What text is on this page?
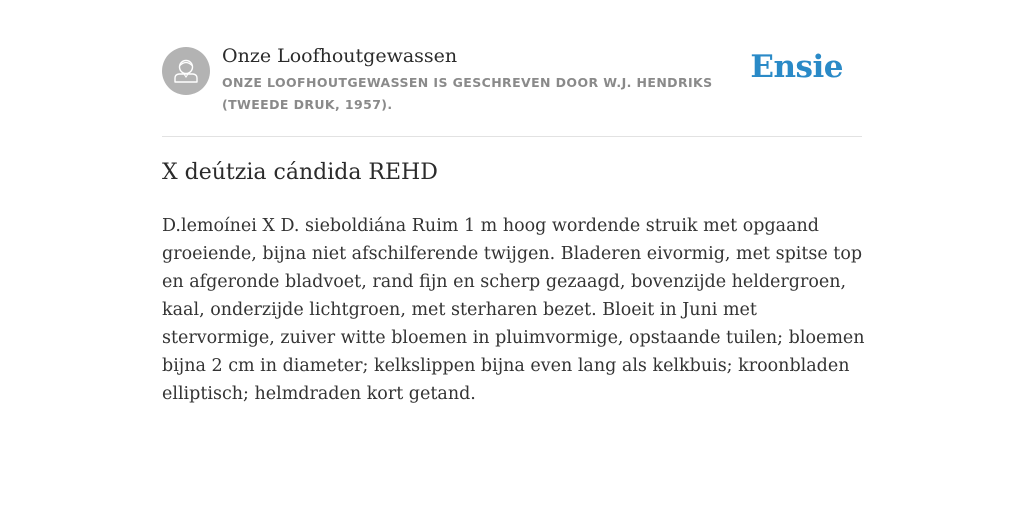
Onze Loofhoutgewassen
ONZE LOOFHOUTGEWASSEN IS GESCHREVEN DOOR W.J. HENDRIKS (TWEEDE DRUK, 1957).
Ensie
X deútzia cándida REHD
D.lemoínei X D. sieboldiána Ruim 1 m hoog wordende struik met opgaand groeiende, bijna niet afschilferende twijgen. Bladeren eivormig, met spitse top en afgeronde bladvoet, rand fijn en scherp gezaagd, bovenzijde heldergroen, kaal, onderzijde lichtgroen, met sterharen bezet. Bloeit in Juni met stervormige, zuiver witte bloemen in pluimvormige, opstaande tuilen; bloemen bijna 2 cm in diameter; kelkslippen bijna even lang als kelkbuis; kroonbladen elliptisch; helmdraden kort getand.
